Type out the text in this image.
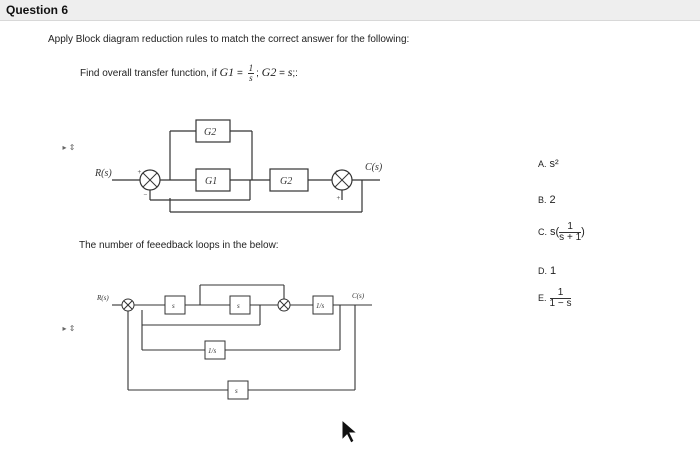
Question 6
Apply Block diagram reduction rules to match the correct answer for the following:
Find overall transfer function, if $G1 = \frac{1}{s}$ ; G2 = s;:
▸ ⇕
▸ ⇕
G2
G1	G2
R(s)
C(s)
+	+
+
−
The number of feeedback loops in the below:
s	s	1/s
1/s
s
R(s)	C(s)
A. s²
B. 2
C. $s( \frac{1}{s + 1}$ )
D. 1
E. $\frac{1}{1 - s}$
